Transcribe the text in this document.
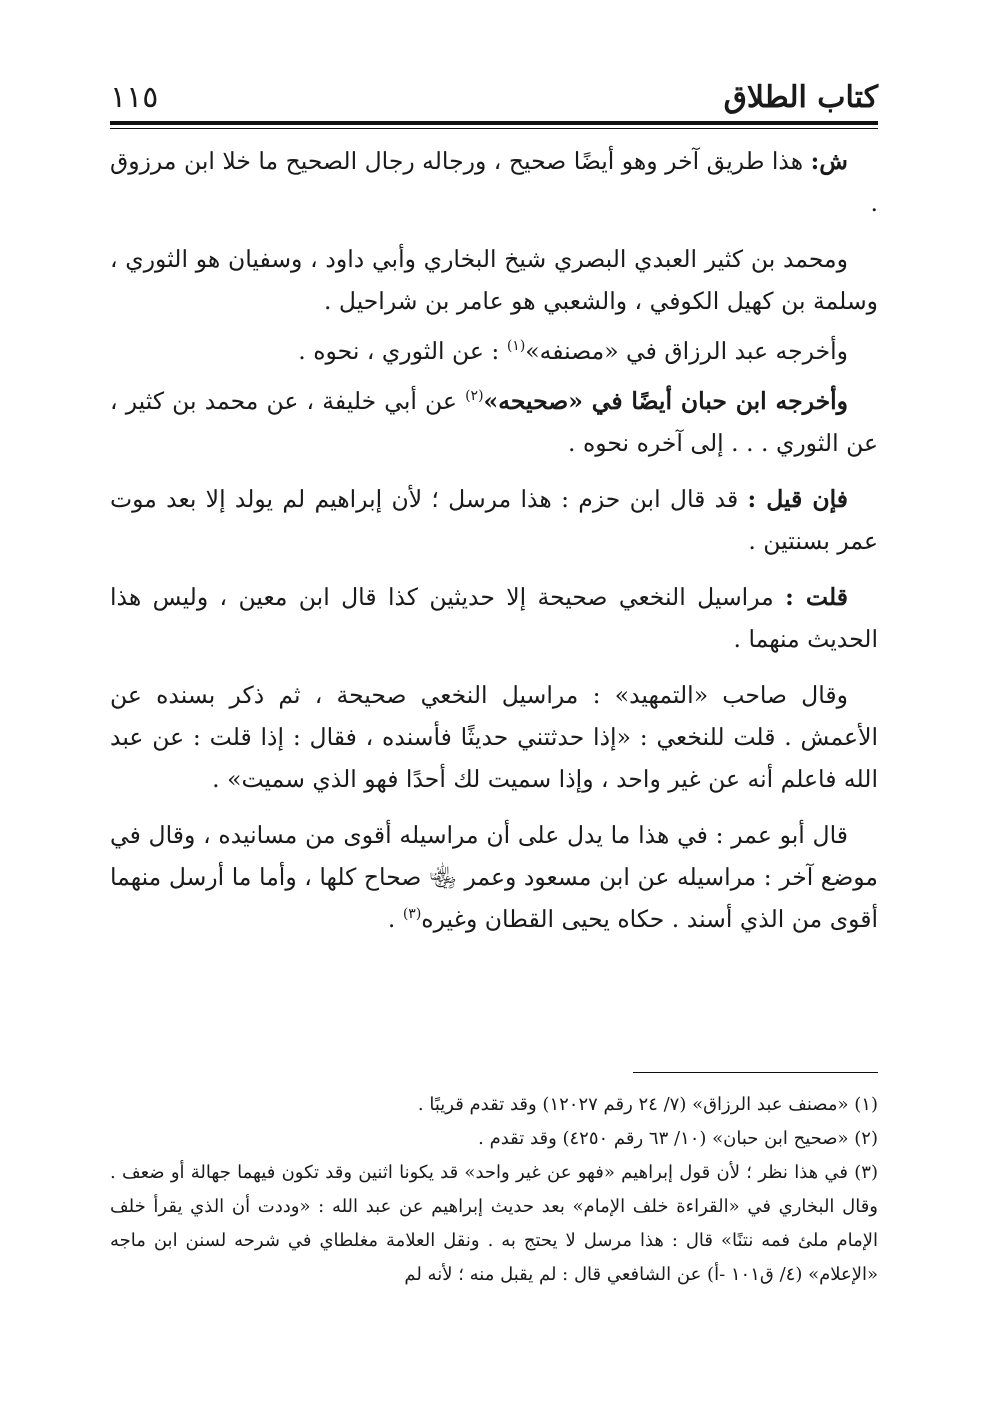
كتاب الطلاق
١١٥

ش: هذا طريق آخر وهو أيضًا صحيح ، ورجاله رجال الصحيح ما خلا ابن مرزوق .

ومحمد بن كثير العبدي البصري شيخ البخاري وأبي داود ، وسفيان هو الثوري ، وسلمة بن كهيل الكوفي ، والشعبي هو عامر بن شراحيل .

وأخرجه عبد الرزاق في «مصنفه»$^{(١)}$ : عن الثوري ، نحوه .

وأخرجه ابن حبان أيضًا في «صحيحه»$^{(٢)}$ عن أبي خليفة ، عن محمد بن كثير ، عن الثوري . . . إلى آخره نحوه .

فإن قيل : قد قال ابن حزم : هذا مرسل ؛ لأن إبراهيم لم يولد إلا بعد موت عمر بسنتين .

قلت : مراسيل النخعي صحيحة إلا حديثين كذا قال ابن معين ، وليس هذا الحديث منهما .

وقال صاحب «التمهيد» : مراسيل النخعي صحيحة ، ثم ذكر بسنده عن الأعمش . قلت للنخعي : «إذا حدثتني حديثًا فأسنده ، فقال : إذا قلت : عن عبد الله فاعلم أنه عن غير واحد ، وإذا سميت لك أحدًا فهو الذي سميت» .

قال أبو عمر : في هذا ما يدل على أن مراسيله أقوى من مسانيده ، وقال في موضع آخر : مراسيله عن ابن مسعود وعمر ﵄ صحاح كلها ، وأما ما أرسل منهما أقوى من الذي أسند . حكاه يحيى القطان وغيره$^{(٣)}$ .

(١) «مصنف عبد الرزاق» (٧/ ٢٤ رقم ١٢٠٢٧) وقد تقدم قريبًا .

(٢) «صحيح ابن حبان» (١٠/ ٦٣ رقم ٤٢٥٠) وقد تقدم .

(٣) في هذا نظر ؛ لأن قول إبراهيم «فهو عن غير واحد» قد يكونا اثنين وقد تكون فيهما جهالة أو ضعف . وقال البخاري في «القراءة خلف الإمام» بعد حديث إبراهيم عن عبد الله : «وددت أن الذي يقرأ خلف الإمام ملئ فمه نتنًا» قال : هذا مرسل لا يحتج به . ونقل العلامة مغلطاي في شرحه لسنن ابن ماجه «الإعلام» (٤/ ق١٠١ -أ) عن الشافعي قال : لم يقبل منه ؛ لأنه لم
